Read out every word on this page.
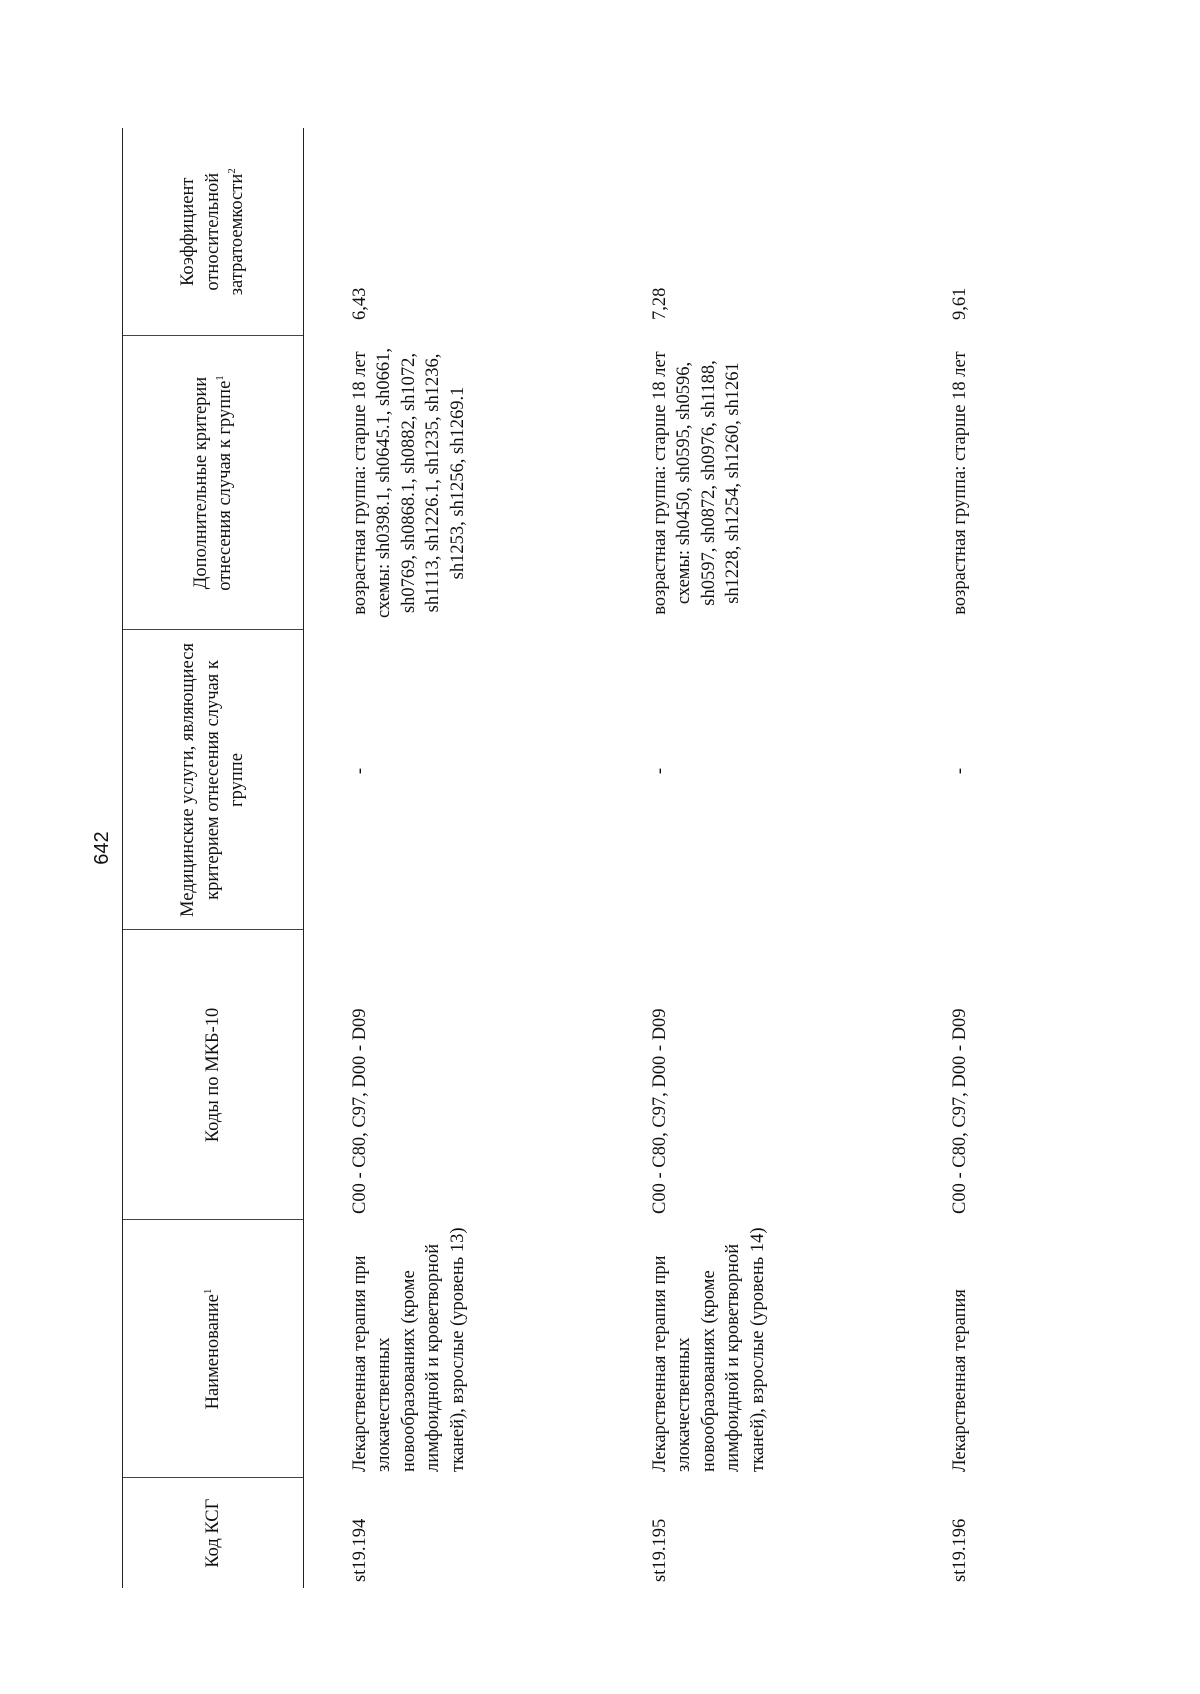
642
Код КСГ	Наименование$^1$	Коды по МКБ-10	Медицинские услуги, являющиеся критерием отнесения случая к группе	Дополнительные критерии отнесения случая к группе$^1$	Коэффициент относительной затратоемкости$^2$
st19.194	Лекарственная терапия при злокачественных новообразованиях (кроме лимфоидной и кроветворной тканей), взрослые (уровень 13)	C00 - C80, C97, D00 - D09	-	возрастная группа: старше 18 лет схемы: sh0398.1, sh0645.1, sh0661, sh0769, sh0868.1, sh0882, sh1072, sh1113, sh1226.1, sh1235, sh1236, sh1253, sh1256, sh1269.1	6,43
st19.195	Лекарственная терапия при злокачественных новообразованиях (кроме лимфоидной и кроветворной тканей), взрослые (уровень 14)	C00 - C80, C97, D00 - D09	-	возрастная группа: старше 18 лет схемы: sh0450, sh0595, sh0596, sh0597, sh0872, sh0976, sh1188, sh1228, sh1254, sh1260, sh1261	7,28
st19.196	Лекарственная терапия	C00 - C80, C97, D00 - D09	-	возрастная группа: старше 18 лет	9,61
